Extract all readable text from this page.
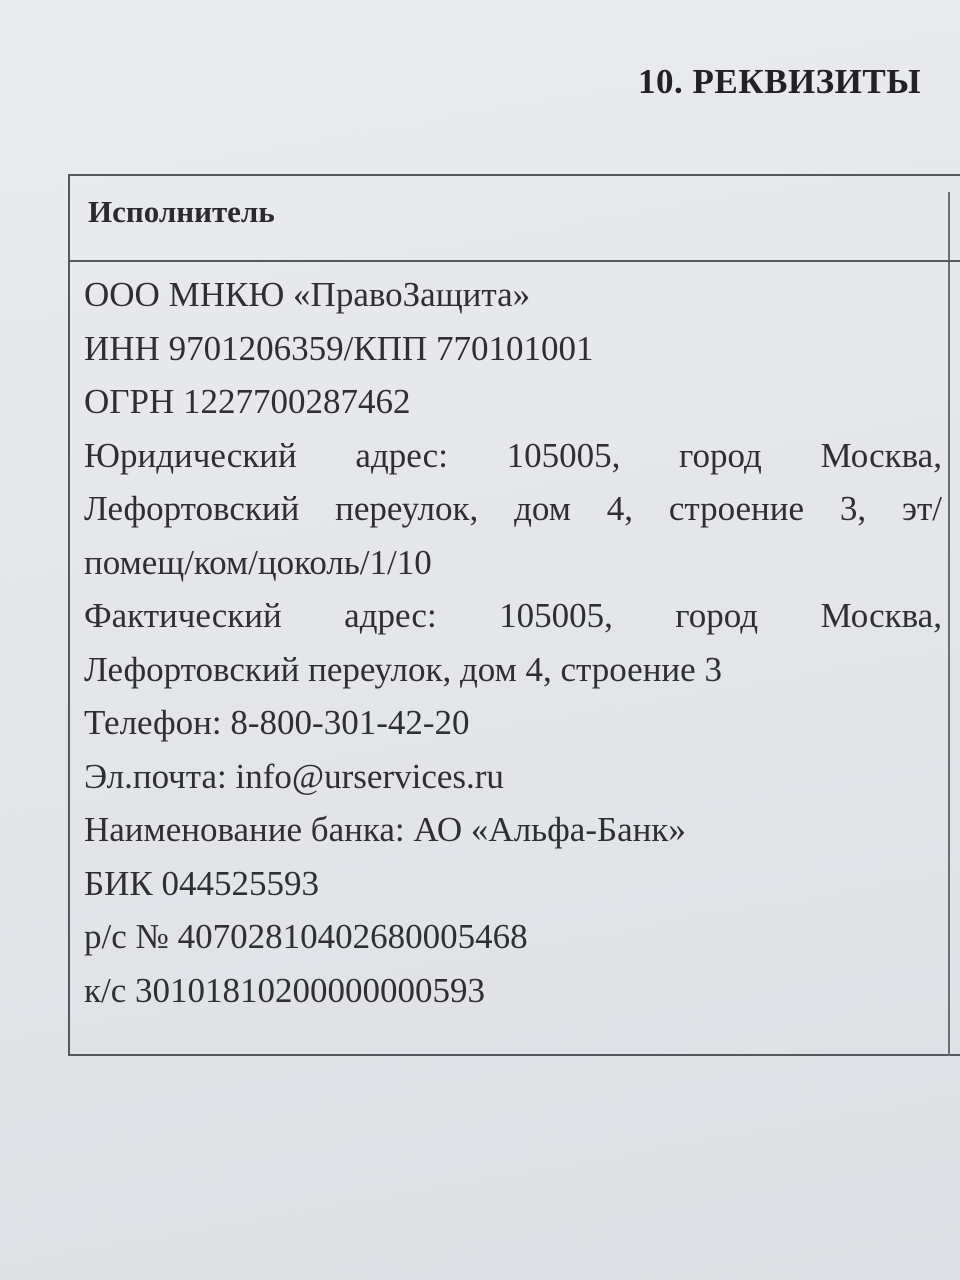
10. РЕКВИЗИТЫ
Исполнитель
ООО МНКЮ «ПравоЗащита»
ИНН 9701206359/КПП 770101001
ОГРН 1227700287462
Юридический адрес: 105005, город Москва,
Лефортовский переулок, дом 4, строение 3, эт/
помещ/ком/цоколь/1/10
Фактический адрес: 105005, город Москва,
Лефортовский переулок, дом 4, строение 3
Телефон: 8-800-301-42-20
Эл.почта: info@urservices.ru
Наименование банка: АО «Альфа-Банк»
БИК 044525593
р/с № 40702810402680005468
к/с 30101810200000000593
